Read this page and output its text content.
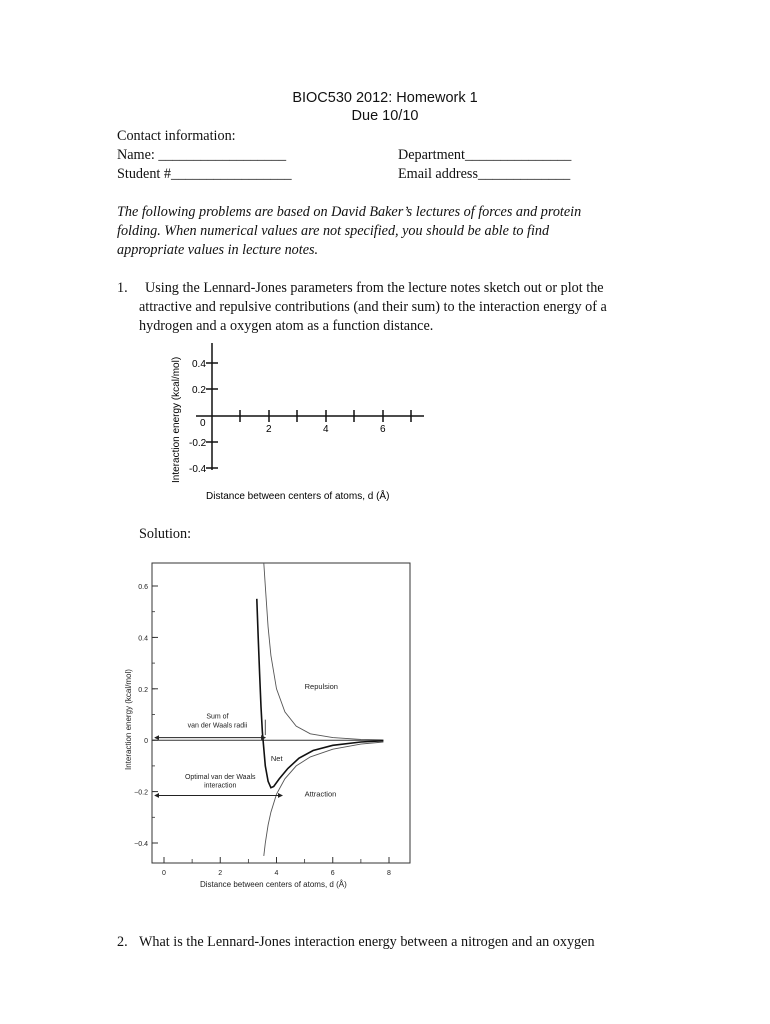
BIOC530 2012: Homework 1
Due 10/10
Contact information:
Name: __________________	Department_______________
Student #_________________	Email address_____________
The following problems are based on David Baker’s lectures of forces and protein
folding. When numerical values are not specified, you should be able to find
appropriate values in lecture notes.
1. Using the Lennard-Jones parameters from the lecture notes sketch out or plot the
attractive and repulsive contributions (and their sum) to the interaction energy of a
hydrogen and a oxygen atom as a function distance.
0.4
0.2
0
-0.2
-0.4
2	4	6
Interaction energy (kcal/mol)
Distance between centers of atoms, d (Å)
Solution:
0.6
0.4
0.2
0
−0.2
−0.4
0	2	4	6	8
Repulsion
Attraction
Net
Sum of
van der Waals radii
Optimal van der Waals
interaction
Interaction energy (kcal/mol)
Distance between centers of atoms, d (Å)
2. What is the Lennard-Jones interaction energy between a nitrogen and an oxygen
